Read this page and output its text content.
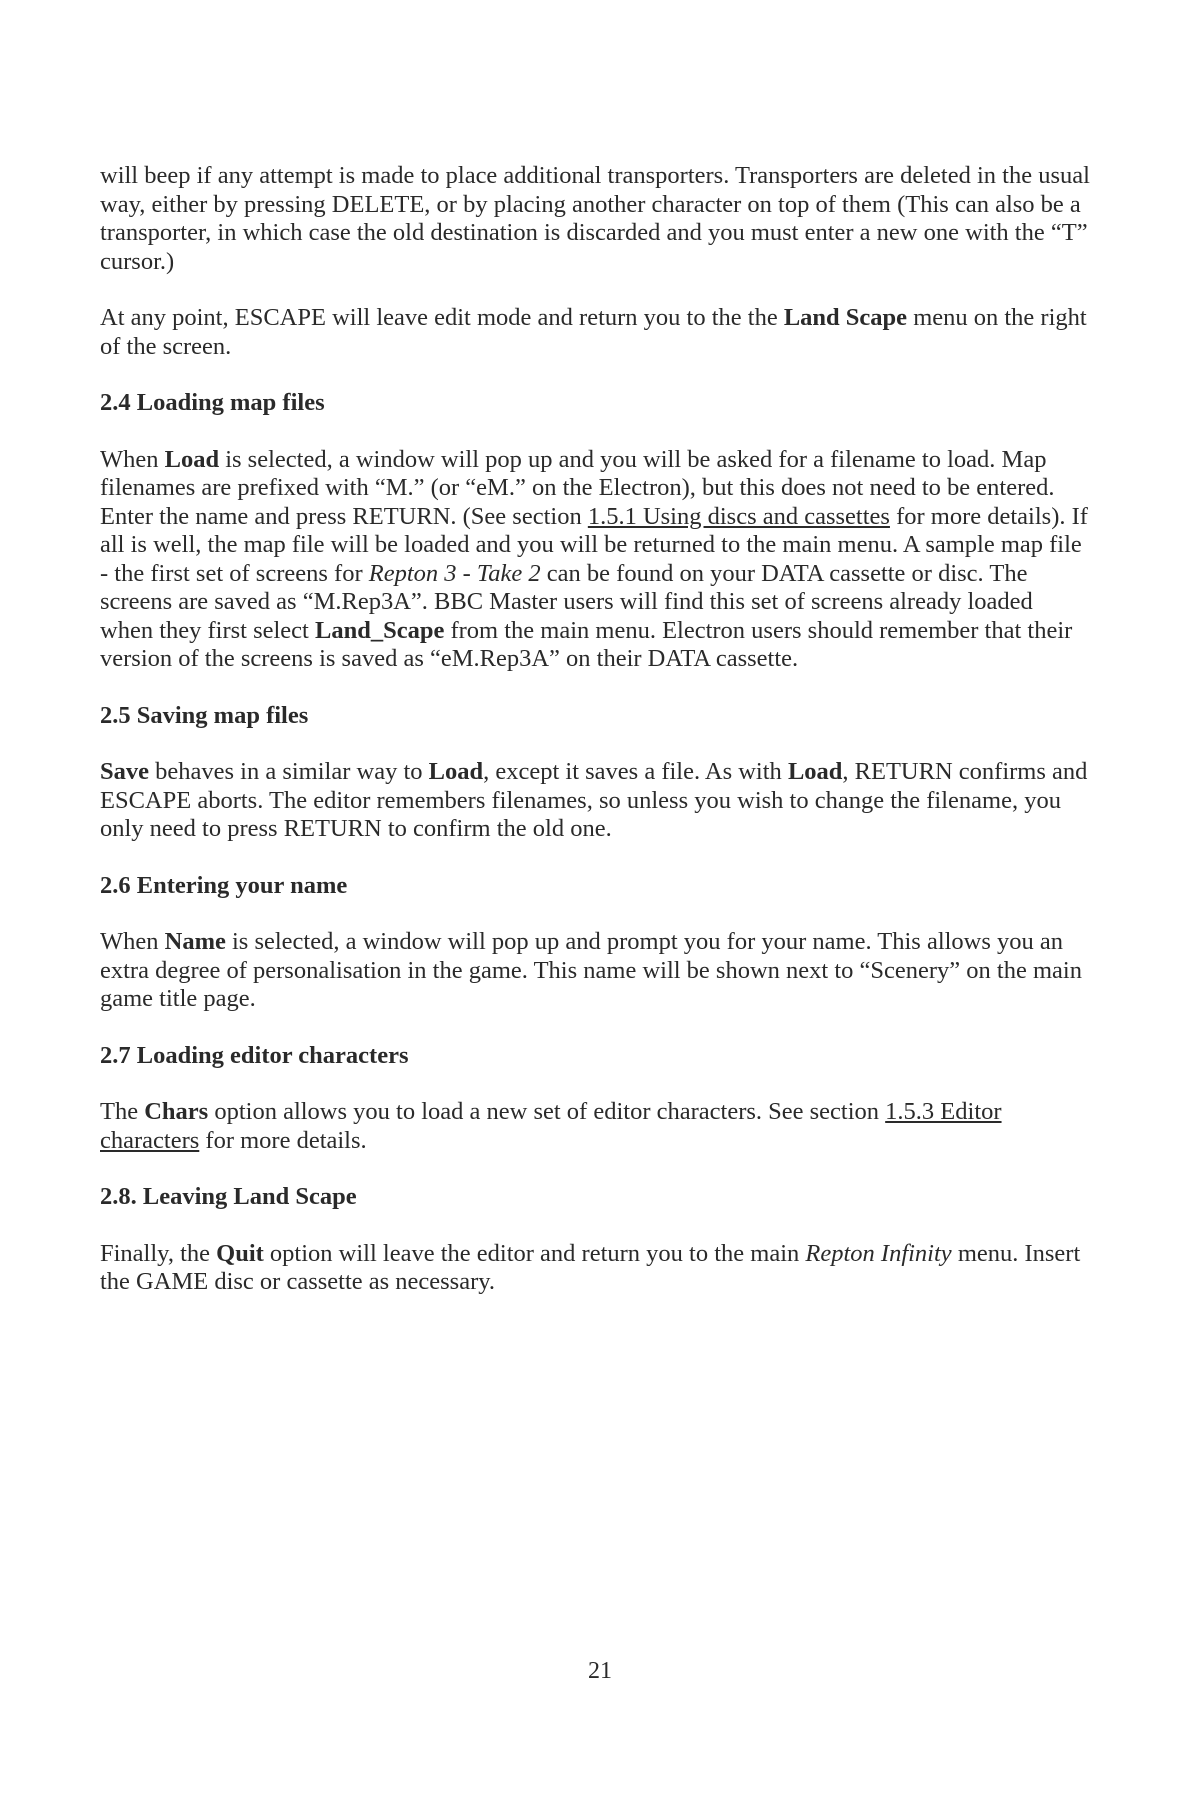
will beep if any attempt is made to place additional transporters. Transporters are deleted in the usual way, either by pressing DELETE, or by placing another character on top of them (This can also be a transporter, in which case the old destination is discarded and you must enter a new one with the “T” cursor.)

At any point, ESCAPE will leave edit mode and return you to the the Land Scape menu on the right of the screen.

2.4 Loading map files

When Load is selected, a window will pop up and you will be asked for a filename to load. Map filenames are prefixed with “M.” (or “eM.” on the Electron), but this does not need to be entered. Enter the name and press RETURN. (See section 1.5.1 Using discs and cassettes for more details). If all is well, the map file will be loaded and you will be returned to the main menu. A sample map file - the first set of screens for Repton 3 - Take 2 can be found on your DATA cassette or disc. The screens are saved as “M.Rep3A”. BBC Master users will find this set of screens already loaded when they first select Land_Scape from the main menu. Electron users should remember that their version of the screens is saved as “eM.Rep3A” on their DATA cassette.

2.5 Saving map files

Save behaves in a similar way to Load, except it saves a file. As with Load, RETURN confirms and ESCAPE aborts. The editor remembers filenames, so unless you wish to change the filename, you only need to press RETURN to confirm the old one.

2.6 Entering your name

When Name is selected, a window will pop up and prompt you for your name. This allows you an extra degree of personalisation in the game. This name will be shown next to “Scenery” on the main game title page.

2.7 Loading editor characters

The Chars option allows you to load a new set of editor characters. See section 1.5.3 Editor characters for more details.

2.8. Leaving Land Scape

Finally, the Quit option will leave the editor and return you to the main Repton Infinity menu. Insert the GAME disc or cassette as necessary.

21
